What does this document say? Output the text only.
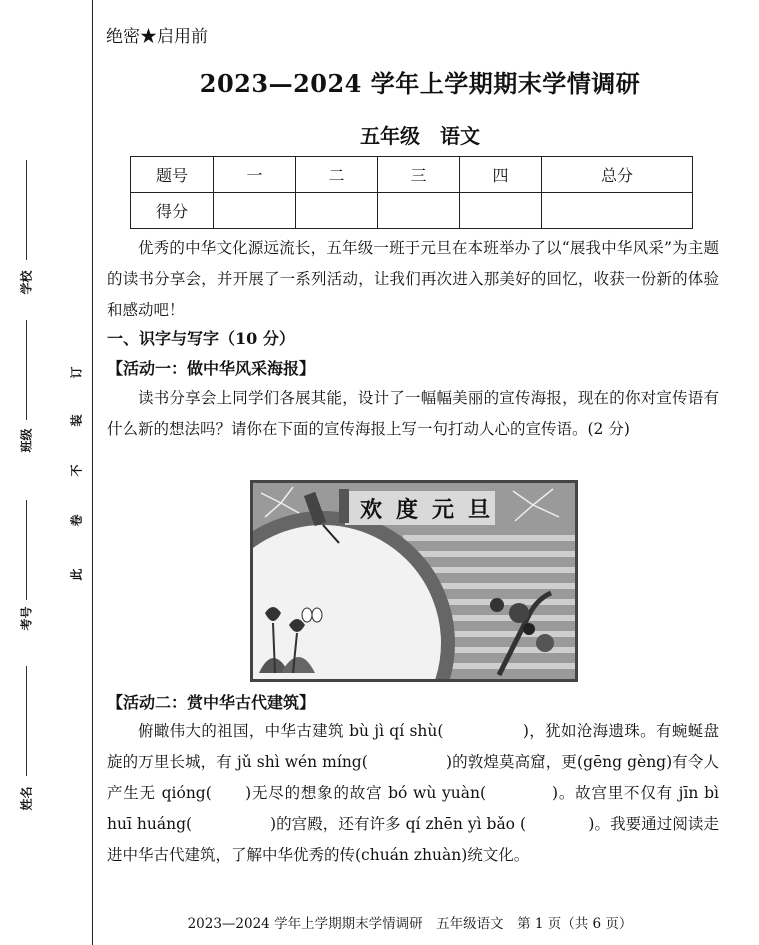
学校
班级
考号
姓名
订
装
不
卷
此
绝密★启用前
2023—2024 学年上学期期末学情调研
五年级　语文
题号	一	二	三	四	总分
得分					
优秀的中华文化源远流长，五年级一班于元旦在本班举办了以“展我中华风采”为主题的读书分享会，并开展了一系列活动，让我们再次进入那美好的回忆，收获一份新的体验和感动吧！
一、识字与写字（10 分）
【活动一：做中华风采海报】
读书分享会上同学们各展其能，设计了一幅幅美丽的宣传海报，现在的你对宣传语有什么新的想法吗？请你在下面的宣传海报上写一句打动人心的宣传语。(2 分)
欢度元旦
【活动二：赏中华古代建筑】
俯瞰伟大的祖国，中华古建筑 bù jì qí shù(　　　　　)，犹如沧海遗珠。有蜿蜒盘旋的万里长城，有 jǔ shì wén míng(　　　　　)的敦煌莫高窟，更(gēng gèng)有令人产生无 qióng(　　)无尽的想象的故宫 bó wù yuàn(　　　　)。故宫里不仅有 jīn bì huī huáng(　　　　　)的宫殿，还有许多 qí zhēn yì bǎo (　　　　)。我要通过阅读走进中华古代建筑，了解中华优秀的传(chuán zhuàn)统文化。
2023—2024 学年上学期期末学情调研　五年级语文　第 1 页（共 6 页）
